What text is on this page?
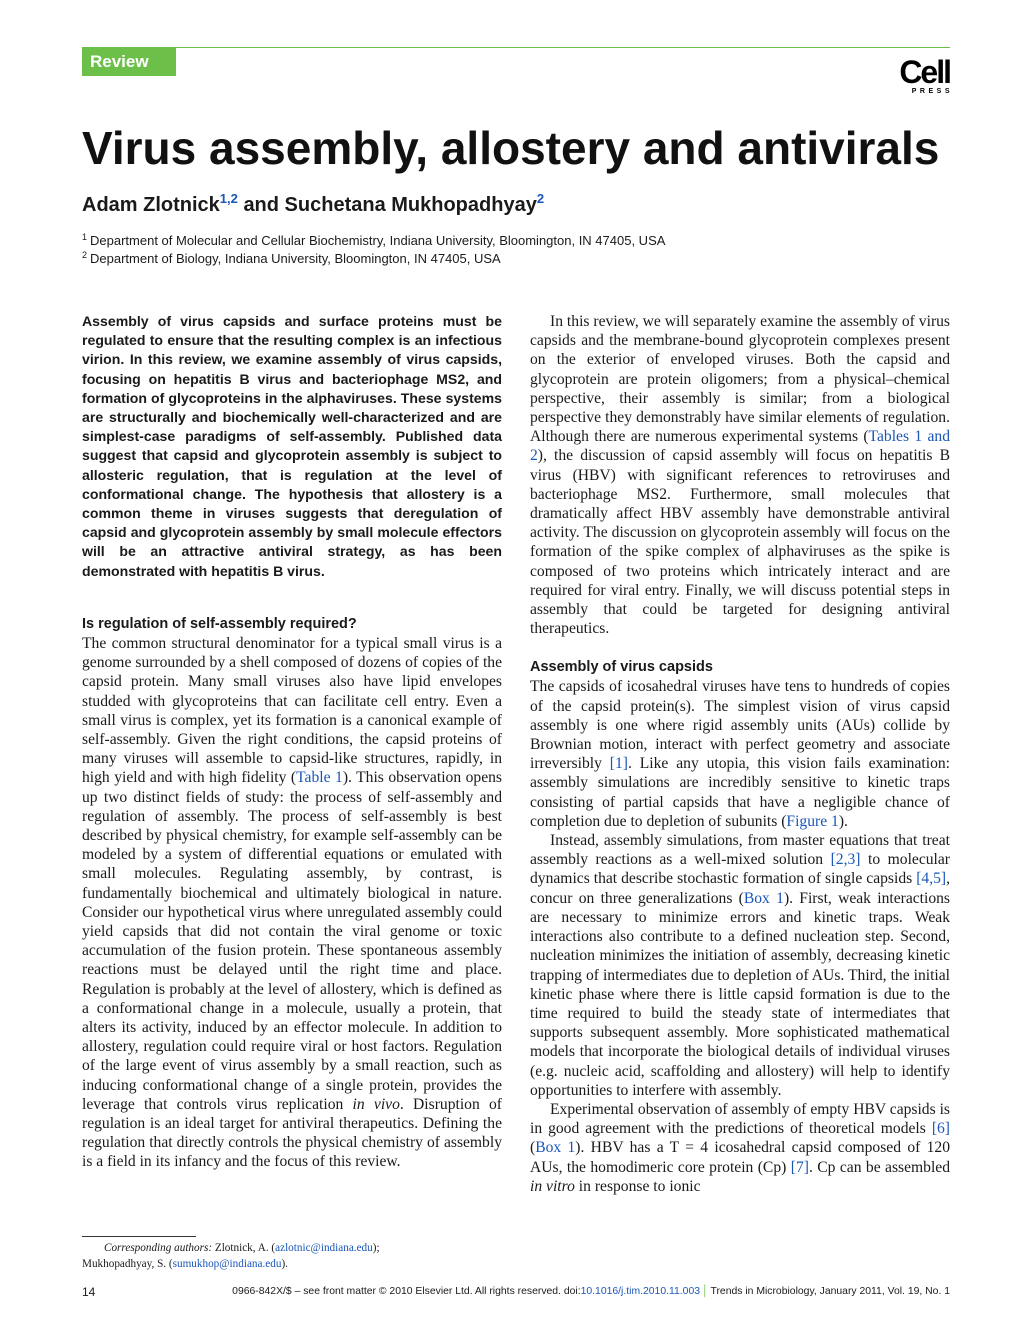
Review	Cell
PRESS
Virus assembly, allostery and antivirals
Adam Zlotnick$^{1,2}$ and Suchetana Mukhopadhyay$^2$
$^1$ Department of Molecular and Cellular Biochemistry, Indiana University, Bloomington, IN 47405, USA
$^2$ Department of Biology, Indiana University, Bloomington, IN 47405, USA

Assembly of virus capsids and surface proteins must be regulated to ensure that the resulting complex is an infectious virion. In this review, we examine assembly of virus capsids, focusing on hepatitis B virus and bacteriophage MS2, and formation of glycoproteins in the alphaviruses. These systems are structurally and biochemically well-characterized and are simplest-case paradigms of self-assembly. Published data suggest that capsid and glycoprotein assembly is subject to allosteric regulation, that is regulation at the level of conformational change. The hypothesis that allostery is a common theme in viruses suggests that deregulation of capsid and glycoprotein assembly by small molecule effectors will be an attractive antiviral strategy, as has been demonstrated with hepatitis B virus.

Is regulation of self-assembly required?

The common structural denominator for a typical small virus is a genome surrounded by a shell composed of dozens of copies of the capsid protein. Many small viruses also have lipid envelopes studded with glycoproteins that can facilitate cell entry. Even a small virus is complex, yet its formation is a canonical example of self-assembly. Given the right conditions, the capsid proteins of many viruses will assemble to capsid-like structures, rapidly, in high yield and with high fidelity (Table 1). This observation opens up two distinct fields of study: the process of self-assembly and regulation of assembly. The process of self-assembly is best described by physical chemistry, for example self-assembly can be modeled by a system of differential equations or emulated with small molecules. Regulating assembly, by contrast, is fundamentally biochemical and ultimately biological in nature. Consider our hypothetical virus where unregulated assembly could yield capsids that did not contain the viral genome or toxic accumulation of the fusion protein. These spontaneous assembly reactions must be delayed until the right time and place. Regulation is probably at the level of allostery, which is defined as a conformational change in a molecule, usually a protein, that alters its activity, induced by an effector molecule. In addition to allostery, regulation could require viral or host factors. Regulation of the large event of virus assembly by a small reaction, such as inducing conformational change of a single protein, provides the leverage that controls virus replication in vivo. Disruption of regulation is an ideal target for antiviral therapeutics. Defining the regulation that directly controls the physical chemistry of assembly is a field in its infancy and the focus of this review.

Corresponding authors: Zlotnick, A. (azlotnic@indiana.edu);
Mukhopadhyay, S. (sumukhop@indiana.edu).

In this review, we will separately examine the assembly of virus capsids and the membrane-bound glycoprotein complexes present on the exterior of enveloped viruses. Both the capsid and glycoprotein are protein oligomers; from a physical–chemical perspective, their assembly is similar; from a biological perspective they demonstrably have similar elements of regulation. Although there are numerous experimental systems (Tables 1 and 2), the discussion of capsid assembly will focus on hepatitis B virus (HBV) with significant references to retroviruses and bacteriophage MS2. Furthermore, small molecules that dramatically affect HBV assembly have demonstrable antiviral activity. The discussion on glycoprotein assembly will focus on the formation of the spike complex of alphaviruses as the spike is composed of two proteins which intricately interact and are required for viral entry. Finally, we will discuss potential steps in assembly that could be targeted for designing antiviral therapeutics.

Assembly of virus capsids

The capsids of icosahedral viruses have tens to hundreds of copies of the capsid protein(s). The simplest vision of virus capsid assembly is one where rigid assembly units (AUs) collide by Brownian motion, interact with perfect geometry and associate irreversibly [1]. Like any utopia, this vision fails examination: assembly simulations are incredibly sensitive to kinetic traps consisting of partial capsids that have a negligible chance of completion due to depletion of subunits (Figure 1).

Instead, assembly simulations, from master equations that treat assembly reactions as a well-mixed solution [2,3] to molecular dynamics that describe stochastic formation of single capsids [4,5], concur on three generalizations (Box 1). First, weak interactions are necessary to minimize errors and kinetic traps. Weak interactions also contribute to a defined nucleation step. Second, nucleation minimizes the initiation of assembly, decreasing kinetic trapping of intermediates due to depletion of AUs. Third, the initial kinetic phase where there is little capsid formation is due to the time required to build the steady state of intermediates that supports subsequent assembly. More sophisticated mathematical models that incorporate the biological details of individual viruses (e.g. nucleic acid, scaffolding and allostery) will help to identify opportunities to interfere with assembly.

Experimental observation of assembly of empty HBV capsids is in good agreement with the predictions of theoretical models [6] (Box 1). HBV has a T = 4 icosahedral capsid composed of 120 AUs, the homodimeric core protein (Cp) [7]. Cp can be assembled in vitro in response to ionic

14	0966-842X/$ – see front matter © 2010 Elsevier Ltd. All rights reserved. doi:10.1016/j.tim.2010.11.003 │ Trends in Microbiology, January 2011, Vol. 19, No. 1
